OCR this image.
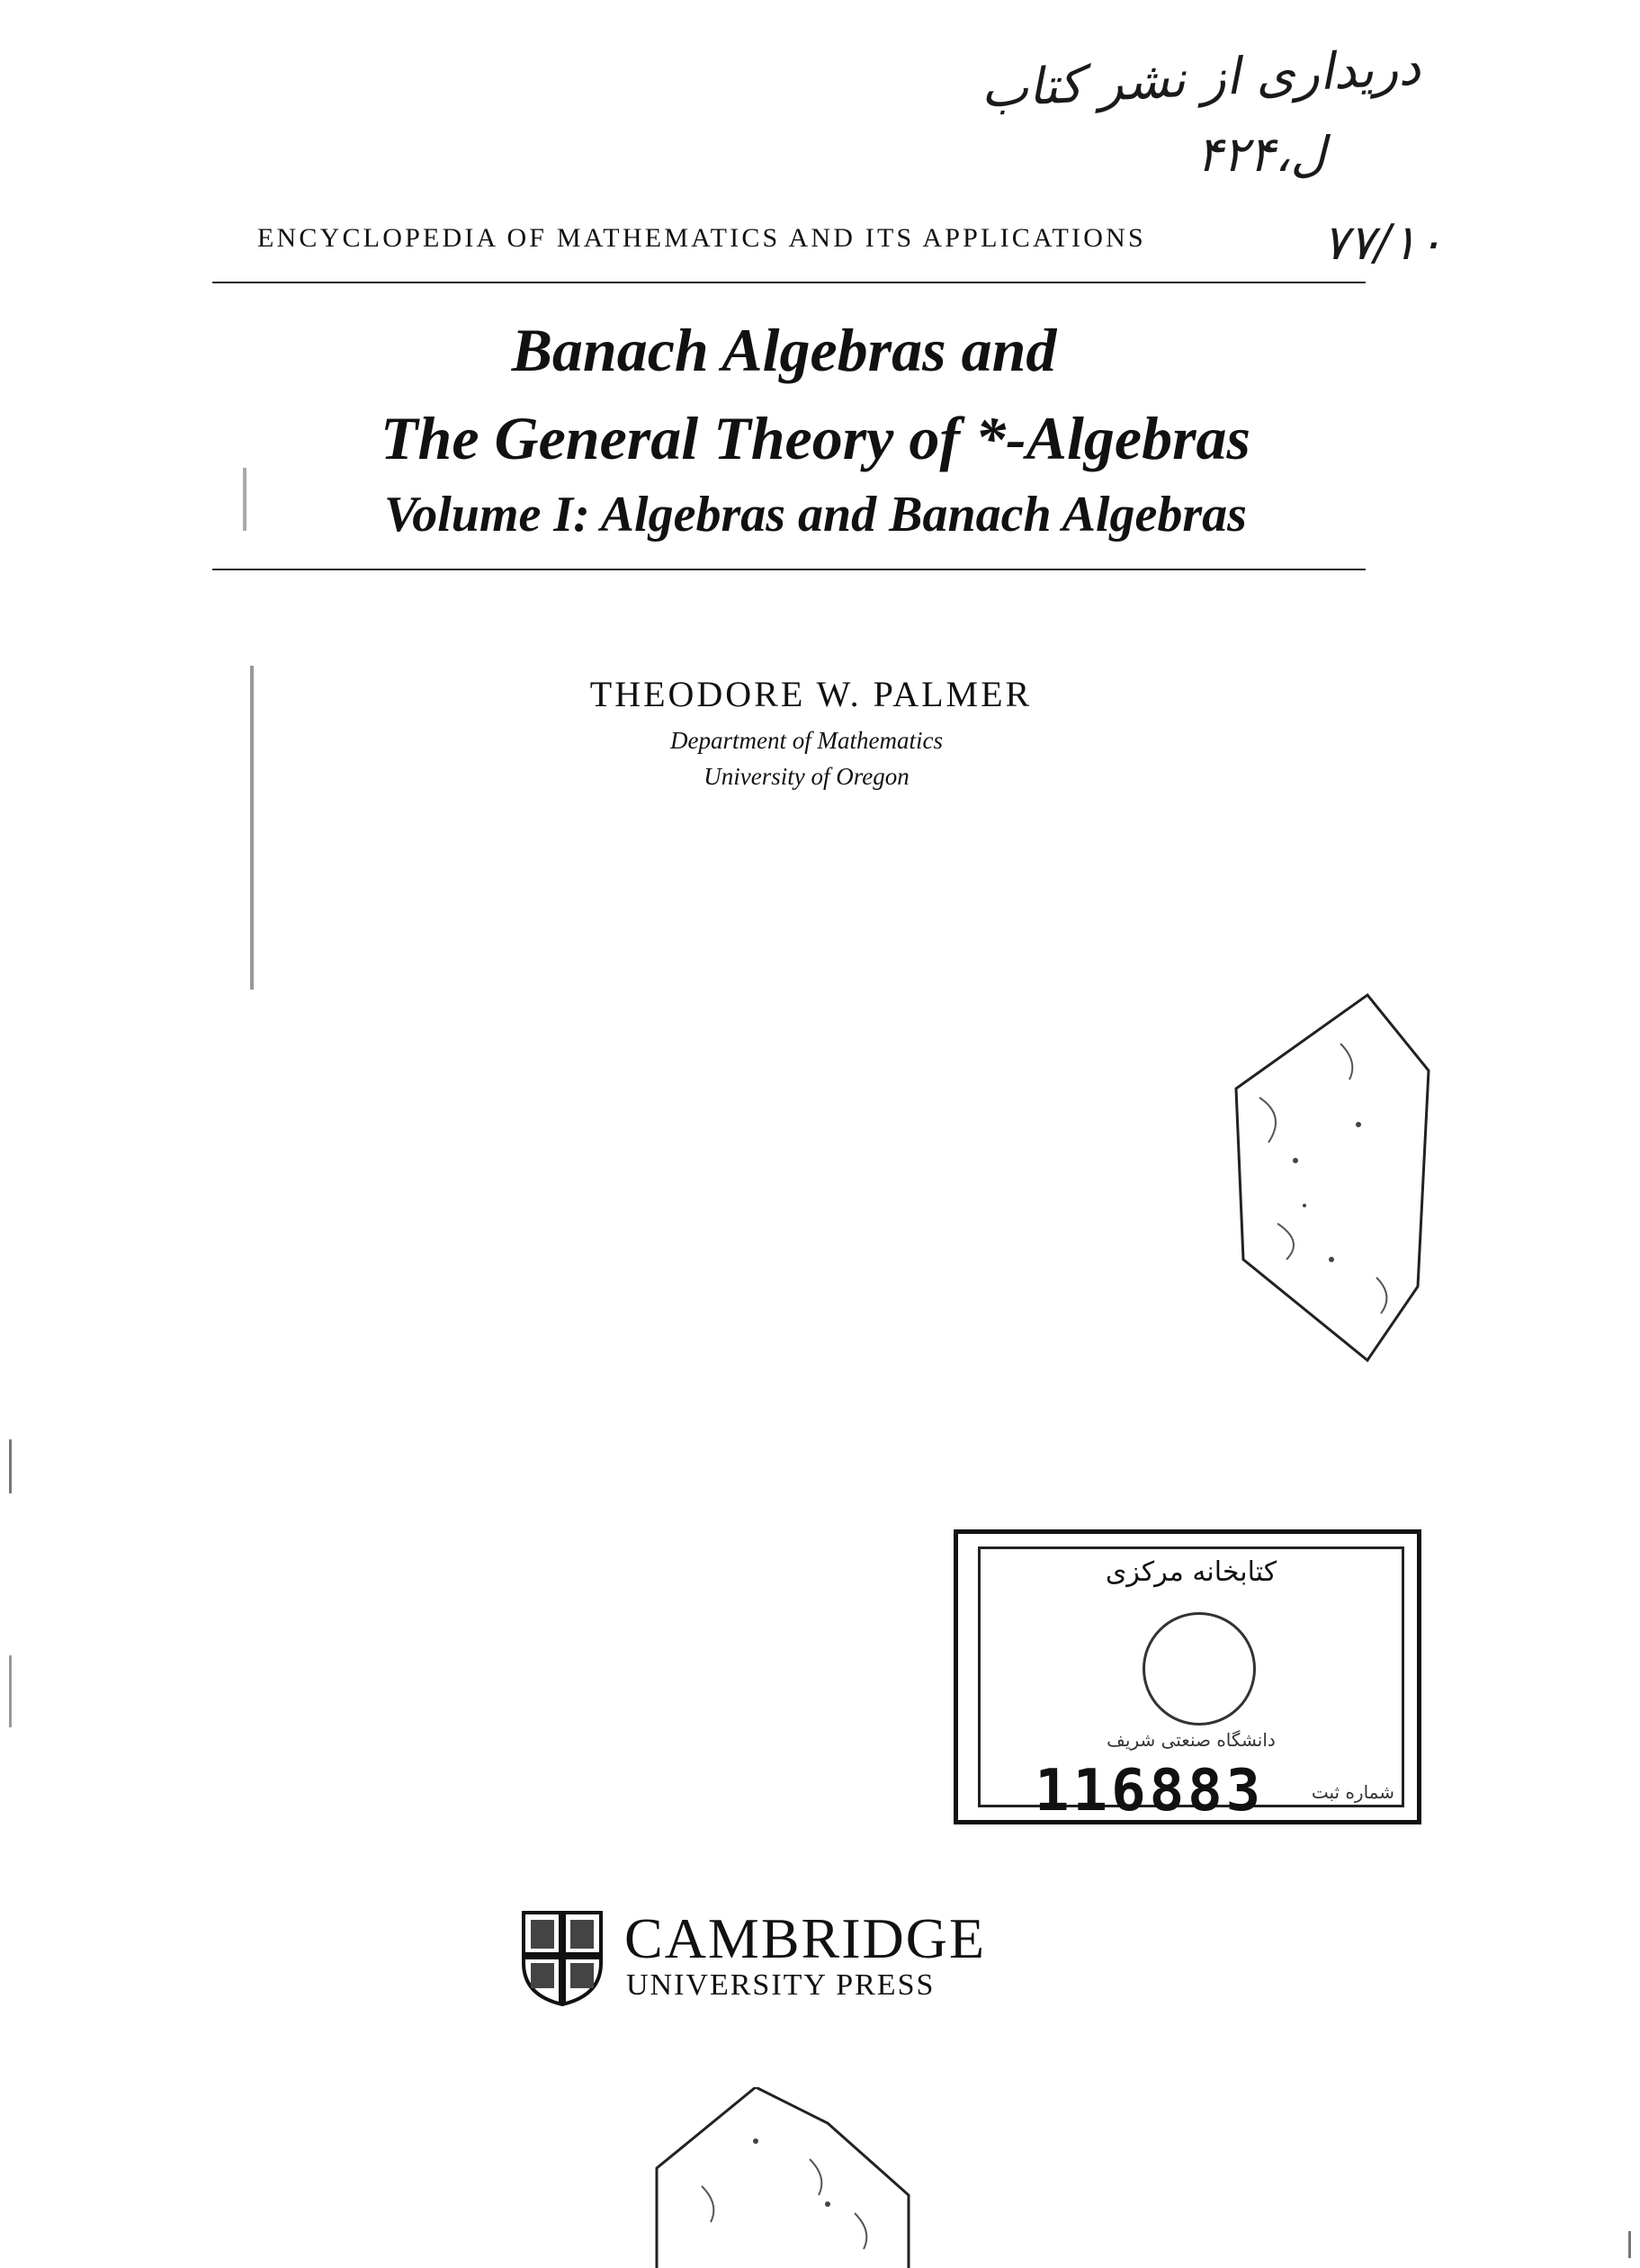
دریداری از نشر کتاب
ل،۴۲۴
۷۷/۱۰
ENCYCLOPEDIA OF MATHEMATICS AND ITS APPLICATIONS
Banach Algebras and
The General Theory of *-Algebras
Volume I: Algebras and Banach Algebras
THEODORE W. PALMER
Department of Mathematics
University of Oregon
کتابخانه مرکزی
دانشگاه صنعتی شریف
116883	شماره ثبت
CAMBRIDGE
UNIVERSITY PRESS
